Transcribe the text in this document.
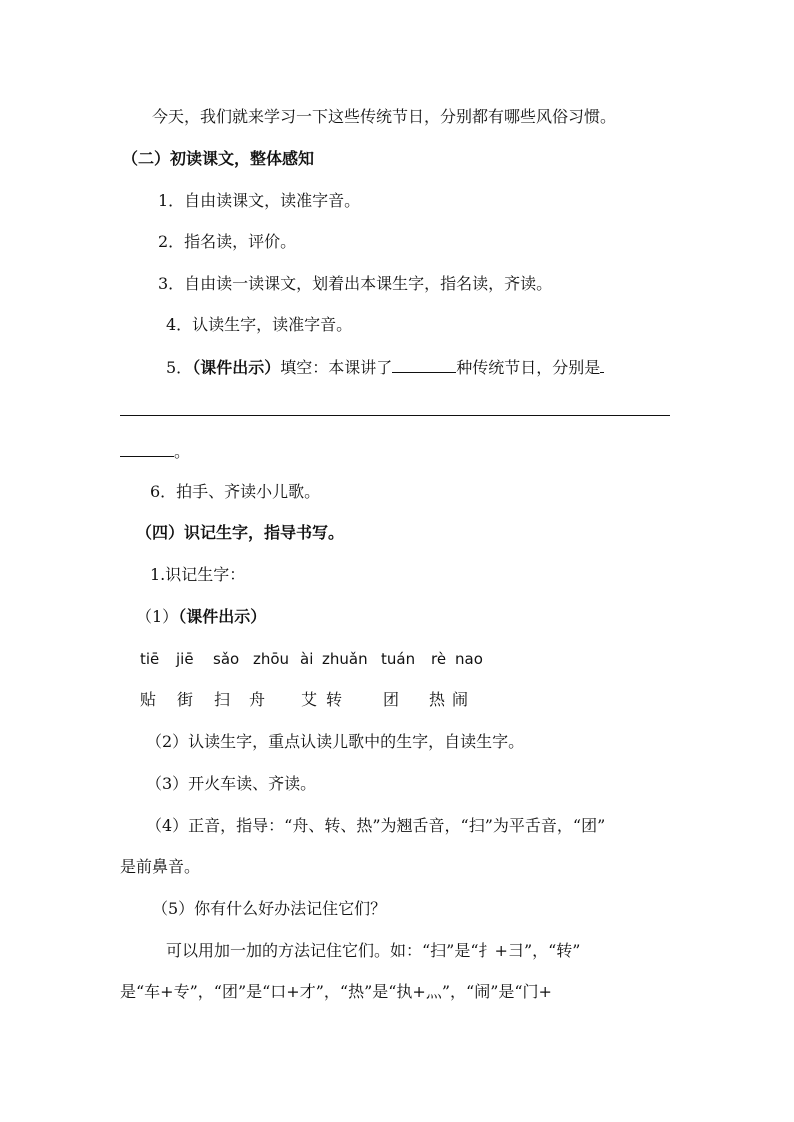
今天，我们就来学习一下这些传统节日，分别都有哪些风俗习惯。
（二）初读课文，整体感知
1．自由读课文，读准字音。
2．指名读，评价。
3．自由读一读课文，划着出本课生字，指名读，齐读。
4．认读生字，读准字音。
5．（课件出示）填空：本课讲了	种传统节日，分别是
。
6．拍手、齐读小儿歌。
（四）识记生字，指导书写。
1.识记生字：
（1）（课件出示）
tiē jiē sǎo zhōu ài zhuǎn tuán rè nao
贴 街 扫 舟 艾 转	团 热 闹
（2）认读生字，重点认读儿歌中的生字，自读生字。
（3）开火车读、齐读。
（4）正音，指导：“舟、转、热”为翘舌音，“扫”为平舌音，“团”
是前鼻音。
（5）你有什么好办法记住它们？
可以用加一加的方法记住它们。如：“扫”是“扌+彐”，“转”
是“车+专”，“团”是“口+才”，“热”是“执+灬”，“闹”是“门+
